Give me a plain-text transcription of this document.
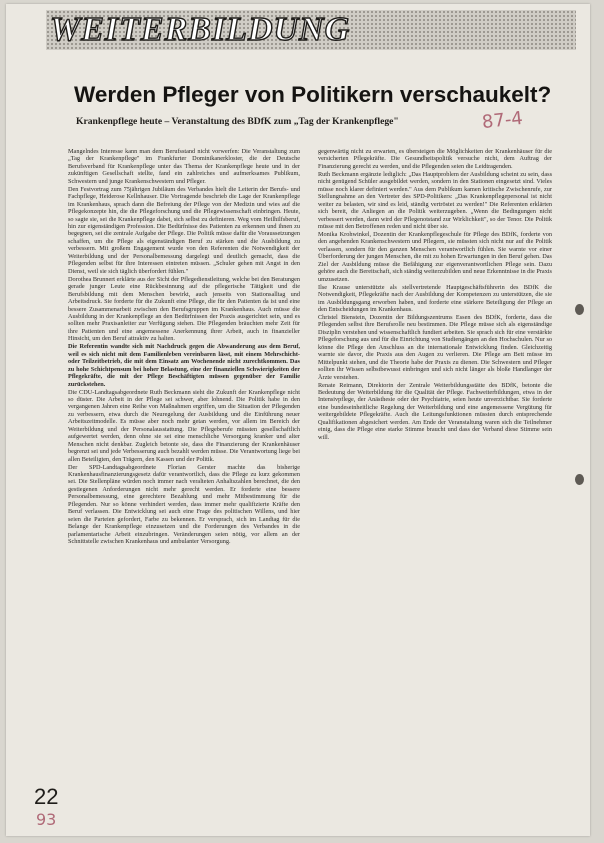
WEITERBILDUNG
Werden Pfleger von Politikern verschaukelt?
Krankenpflege heute – Veranstaltung des BDfK zum „Tag der Krankenpflege"	87-4

Mangelndes Interesse kann man dem Berufsstand nicht vorwerfen: Die Veranstaltung zum „Tag der Krankenpflege" im Frankfurter Dominikanerkloster, die der Deutsche Berufsverband für Krankenpflege unter das Thema der Krankenpflege heute und in der zukünftigen Gesellschaft stellte, fand ein zahlreiches und aufmerksames Publikum, Schwestern und junge Krankenschwestern und Pfleger.

Den Festvortrag zum 75jährigen Jubiläum des Verbandes hielt die Leiterin der Berufs- und Fachpflege, Heiderose Kellnhauser. Die Vortragende beschrieb die Lage der Krankenpflege im Krankenhaus, sprach dann die Befreiung der Pflege von der Medizin und wies auf die Pflegekonzepte hin, die die Pflegeforschung und die Pflegewissenschaft einbringen. Heute, so sagte sie, sei die Krankenpflege dabei, sich selbst zu definieren. Weg vom Heilhilfsberuf, hin zur eigenständigen Profession. Die Bedürfnisse des Patienten zu erkennen und ihnen zu begegnen, sei die zentrale Aufgabe der Pflege. Die Politik müsse dafür die Voraussetzungen schaffen, um die Pflege als eigenständigen Beruf zu stärken und die Ausbildung zu verbessern. Mit großem Engagement wurde von den Referenten die Notwendigkeit der Weiterbildung und der Personalbemessung dargelegt und deutlich gemacht, dass die Pflegenden selbst für ihre Interessen eintreten müssen. „Schuler gehen mit Angst in den Dienst, weil sie sich täglich überfordert fühlen."

Dorothea Brunnert erklärte aus der Sicht der Pflegedienstleitung, welche bei den Beratungen gerade junger Leute eine Rückbesinnung auf die pflegerische Tätigkeit und die Berufsbildung mit dem Menschen bewirkt, auch jenseits von Stationsalltag und Arbeitsdruck. Sie forderte für die Zukunft eine Pflege, die für den Patienten da ist und eine bessere Zusammenarbeit zwischen den Berufsgruppen im Krankenhaus. Auch müsse die Ausbildung in der Krankenpflege an den Bedürfnissen der Praxis ausgerichtet sein, und es sollten mehr Praxisanleiter zur Verfügung stehen. Die Pflegenden bräuchten mehr Zeit für ihre Patienten und eine angemessene Anerkennung ihrer Arbeit, auch in finanzieller Hinsicht, um den Beruf attraktiv zu halten.

Die Referentin wandte sich mit Nachdruck gegen die Abwanderung aus dem Beruf, weil es sich nicht mit dem Familienleben vereinbaren lässt, mit einem Mehrschicht- oder Teilzeitbetrieb, die mit dem Einsatz am Wochenende nicht zurechtkommen. Das zu hohe Schichtpensum bei hoher Belastung, eine der finanziellen Schwierigkeiten der Pflegekräfte, die mit der Pflege Beschäftigten müssen gegenüber der Familie zurückstehen.

Die CDU-Landtagsabgeordnete Ruth Beckmann sieht die Zukunft der Krankenpflege nicht so düster. Die Arbeit in der Pflege sei schwer, aber lohnend. Die Politik habe in den vergangenen Jahren eine Reihe von Maßnahmen ergriffen, um die Situation der Pflegenden zu verbessern, etwa durch die Neuregelung der Ausbildung und die Einführung neuer Arbeitszeitmodelle. Es müsse aber noch mehr getan werden, vor allem im Bereich der Weiterbildung und der Personalausstattung. Die Pflegeberufe müssten gesellschaftlich aufgewertet werden, denn ohne sie sei eine menschliche Versorgung kranker und alter Menschen nicht denkbar. Zugleich betonte sie, dass die Finanzierung der Krankenhäuser begrenzt sei und jede Verbesserung auch bezahlt werden müsse. Die Verantwortung liege bei allen Beteiligten, den Trägern, den Kassen und der Politik.

Der SPD-Landtagsabgeordnete Florian Gerster machte das bisherige Krankenhausfinanzierungsgesetz dafür verantwortlich, dass die Pflege zu kurz gekommen sei. Die Stellenpläne würden noch immer nach veralteten Anhaltszahlen berechnet, die den gestiegenen Anforderungen nicht mehr gerecht werden. Er forderte eine bessere Personalbemessung, eine gerechtere Bezahlung und mehr Mitbestimmung für die Pflegenden. Nur so könne verhindert werden, dass immer mehr qualifizierte Kräfte den Beruf verlassen. Die Entwicklung sei auch eine Frage des politischen Willens, und hier seien die Parteien gefordert, Farbe zu bekennen. Er versprach, sich im Landtag für die Belange der Krankenpflege einzusetzen und die Forderungen des Verbandes in die parlamentarische Arbeit einzubringen. Veränderungen seien nötig, vor allem an der Schnittstelle zwischen Krankenhaus und ambulanter Versorgung.

gegenwärtig nicht zu erwarten, es übersteigen die Möglichkeiten der Krankenhäuser für die versicherten Pflegekräfte. Die Gesundheitspolitik versuche nicht, dem Auftrag der Finanzierung gerecht zu werden, und die Pflegenden seien die Leidtragenden.

Ruth Beckmann ergänzte lediglich: „Das Hauptproblem der Ausbildung scheint zu sein, dass nicht genügend Schüler ausgebildet werden, sondern in den Stationen eingesetzt sind. Vieles müsse noch klarer definiert werden." Aus dem Publikum kamen kritische Zwischenrufe, zur Stellungnahme an den Vertreter des SPD-Politikers: „Das Krankenpflegepersonal ist nicht weiter zu belasten, wir sind es leid, ständig vertröstet zu werden!" Die Referenten erklärten sich bereit, die Anliegen an die Politik weiterzugeben. „Wenn die Bedingungen nicht verbessert werden, dann wird der Pflegenotstand zur Wirklichkeit", so der Tenor. Die Politik müsse mit den Betroffenen reden und nicht über sie.

Monika Krohwinkel, Dozentin der Krankenpflegeschule für Pflege des BDfK, forderte von den angehenden Krankenschwestern und Pflegern, sie müssten sich nicht nur auf die Politik verlassen, sondern für den ganzen Menschen verantwortlich fühlen. Sie warnte vor einer Überforderung der jungen Menschen, die mit zu hohen Erwartungen in den Beruf gehen. Das Ziel der Ausbildung müsse die Befähigung zur eigenverantwortlichen Pflege sein. Dazu gehöre auch die Bereitschaft, sich ständig weiterzubilden und neue Erkenntnisse in die Praxis umzusetzen.

Ilse Krause unterstützte als stellvertretende Hauptgeschäftsführerin des BDfK die Notwendigkeit, Pflegekräfte nach der Ausbildung der Kompetenzen zu unterstützen, die sie im Ausbildungsgang erworben haben, und forderte eine stärkere Beteiligung der Pflege an den Entscheidungen im Krankenhaus.

Christel Bienstein, Dozentin der Bildungszentrums Essen des BDfK, forderte, dass die Pflegenden selbst ihre Berufsrolle neu bestimmen. Die Pflege müsse sich als eigenständige Disziplin verstehen und wissenschaftlich fundiert arbeiten. Sie sprach sich für eine verstärkte Pflegeforschung aus und für die Einrichtung von Studiengängen an den Hochschulen. Nur so könne die Pflege den Anschluss an die internationale Entwicklung finden. Gleichzeitig warnte sie davor, die Praxis aus den Augen zu verlieren. Die Pflege am Bett müsse im Mittelpunkt stehen, und die Theorie habe der Praxis zu dienen. Die Schwestern und Pfleger sollten ihr Wissen selbstbewusst einbringen und sich nicht länger als bloße Handlanger der Ärzte verstehen.

Renate Reimann, Direktorin der Zentrale Weiterbildungsstätte des BDfK, betonte die Bedeutung der Weiterbildung für die Qualität der Pflege. Fachweiterbildungen, etwa in der Intensivpflege, der Anästhesie oder der Psychiatrie, seien heute unverzichtbar. Sie forderte eine bundeseinheitliche Regelung der Weiterbildung und eine angemessene Vergütung für weitergebildete Pflegekräfte. Auch die Leitungsfunktionen müssten durch entsprechende Qualifikationen abgesichert werden. Am Ende der Veranstaltung waren sich die Teilnehmer einig, dass die Pflege eine starke Stimme braucht und dass der Verband diese Stimme sein will.

22
93
